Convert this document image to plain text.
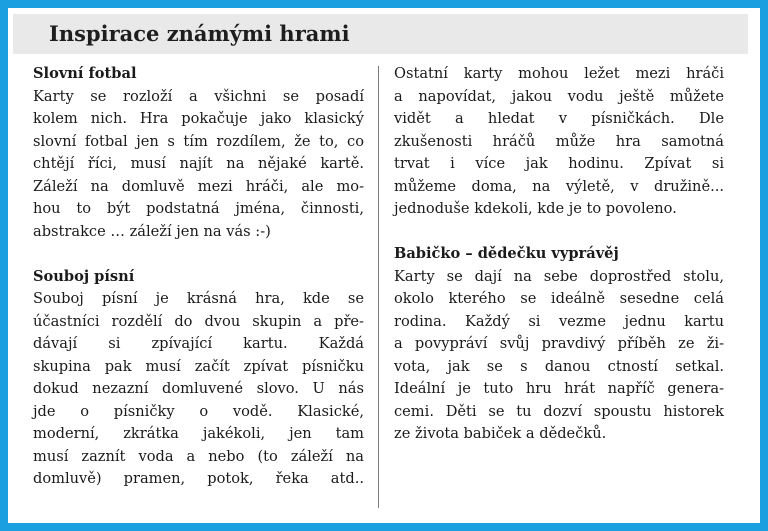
Inspirace známými hrami
Slovní fotbal
Karty se rozloží a všichni se posadí
kolem nich. Hra pokačuje jako klasický
slovní fotbal jen s tím rozdílem, že to, co
chtějí říci, musí najít na nějaké kartě.
Záleží na domluvě mezi hráči, ale mo-
hou to být podstatná jména, činnosti,
abstrakce … záleží jen na vás :-)
Souboj písní
Souboj písní je krásná hra, kde se
účastníci rozdělí do dvou skupin a pře-
dávají si zpívající kartu. Každá
skupina pak musí začít zpívat písničku
dokud nezazní domluvené slovo. U nás
jde o písničky o vodě. Klasické,
moderní, zkrátka jakékoli, jen tam
musí zaznít voda a nebo (to záleží na
domluvě) pramen, potok, řeka atd..
Ostatní karty mohou ležet mezi hráči
a napovídat, jakou vodu ještě můžete
vidět a hledat v písničkách. Dle
zkušenosti hráčů může hra samotná
trvat i více jak hodinu. Zpívat si
můžeme doma, na výletě, v družině...
jednoduše kdekoli, kde je to povoleno.
Babičko – dědečku vyprávěj
Karty se dají na sebe doprostřed stolu,
okolo kterého se ideálně sesedne celá
rodina. Každý si vezme jednu kartu
a povypráví svůj pravdivý příběh ze ži-
vota, jak se s danou ctností setkal.
Ideální je tuto hru hrát napříč genera-
cemi. Děti se tu dozví spoustu historek
ze života babiček a dědečků.
